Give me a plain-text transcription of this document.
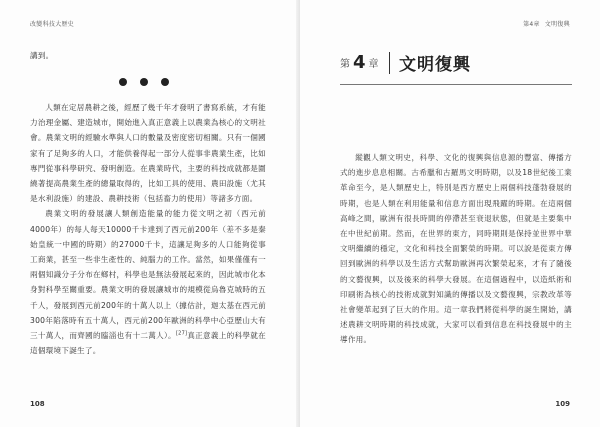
改變科技大歷史

講到。

人類在定居農耕之後，經歷了幾千年才發明了書寫系統，才有能力治理金屬、建造城市，開始進入真正意義上以農業為核心的文明社會。農業文明的經驗水準與人口的數量及密度密切相關。只有一個國家有了足夠多的人口，才能供養得起一部分人從事非農業生產，比如專門從事科學研究、發明創造。在農業時代，主要的科技成就都是圍繞著提高農業生產的總量取得的，比如工具的使用、農田設施（尤其是水利設施）的建設、農耕技術（包括畜力的使用）等諸多方面。

農業文明的發展讓人類創造能量的能力從文明之初（西元前4000年）的每人每天10000千卡達到了西元前200年（差不多是秦始皇統一中國的時期）的27000千卡，這讓足夠多的人口能夠從事工商業，甚至一些非生產性的、純腦力的工作。當然，如果僅僅有一兩個知識分子分布在鄉村，科學也是無法發展起來的，因此城市化本身對科學至關重要。農業文明的發展讓城市的規模從烏魯克城時的五千人，發展到西元前200年的十萬人以上（據估計，迦太基在西元前300年陷落時有五十萬人，西元前200年歐洲的科學中心亞歷山大有三十萬人，而齊國的臨淄也有十二萬人）。[27]真正意義上的科學就在這個環境下誕生了。

108
第4章 文明復興
第 4 章 文明復興

縱觀人類文明史，科學、文化的復興與信息源的豐富、傳播方式的進步息息相關。古希臘和古羅馬文明時期，以及18世紀後工業革命至今，是人類歷史上，特別是西方歷史上兩個科技蓬勃發展的時期，也是人類在利用能量和信息方面出現飛躍的時期。在這兩個高峰之間，歐洲有很長時間的停滯甚至衰退狀態，但就是主要集中在中世紀前期。然而，在世界的東方，同時期則是保持並世界中華文明繼續的穩定，文化和科技全面繁榮的時期。可以說是從東方傳回到歐洲的科學以及生活方式幫助歐洲再次繁榮起來，才有了隨後的文藝復興，以及後來的科學大發展。在這個過程中，以造紙術和印刷術為核心的技術成就對知識的傳播以及文藝復興，宗教改革等社會變革起到了巨大的作用。這一章我們將從科學的誕生開始，講述農耕文明時期的科技成就，大家可以看到信息在科技發展中的主導作用。

109
